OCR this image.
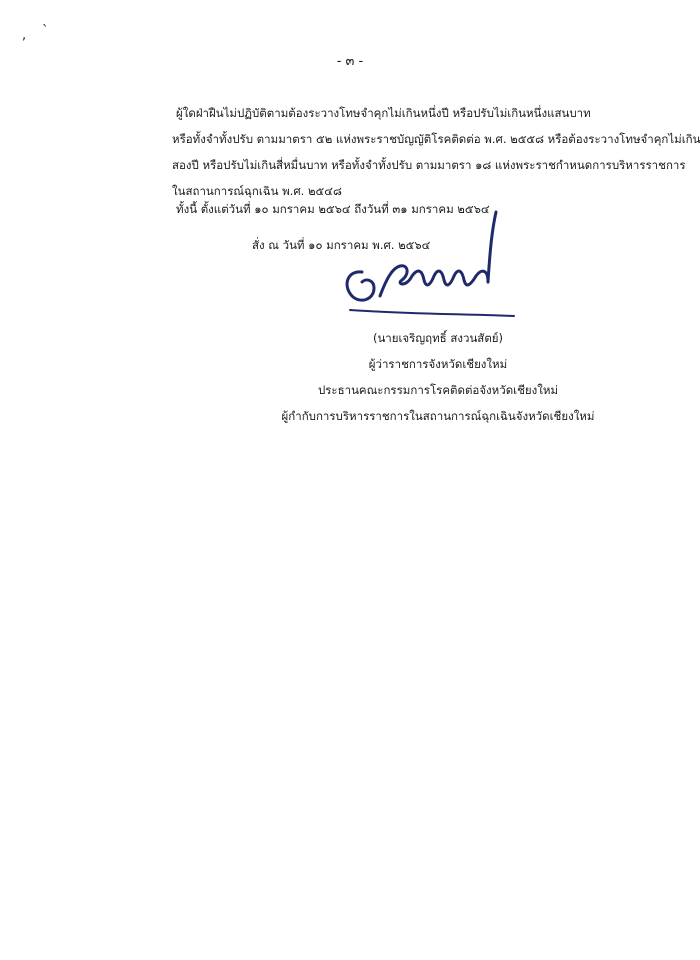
, `
- ๓ -
ผู้ใดฝ่าฝืนไม่ปฏิบัติตามต้องระวางโทษจำคุกไม่เกินหนึ่งปี หรือปรับไม่เกินหนึ่งแสนบาท
หรือทั้งจำทั้งปรับ ตามมาตรา ๕๒ แห่งพระราชบัญญัติโรคติดต่อ พ.ศ. ๒๕๕๘ หรือต้องระวางโทษจำคุกไม่เกิน
สองปี หรือปรับไม่เกินสี่หมื่นบาท หรือทั้งจำทั้งปรับ ตามมาตรา ๑๘ แห่งพระราชกำหนดการบริหารราชการ
ในสถานการณ์ฉุกเฉิน พ.ศ. ๒๕๔๘
ทั้งนี้ ตั้งแต่วันที่ ๑๐ มกราคม ๒๕๖๔ ถึงวันที่ ๓๑ มกราคม ๒๕๖๔
สั่ง ณ วันที่ ๑๐ มกราคม พ.ศ. ๒๕๖๔
(นายเจริญฤทธิ์ สงวนสัตย์)
ผู้ว่าราชการจังหวัดเชียงใหม่
ประธานคณะกรรมการโรคติดต่อจังหวัดเชียงใหม่
ผู้กำกับการบริหารราชการในสถานการณ์ฉุกเฉินจังหวัดเชียงใหม่
